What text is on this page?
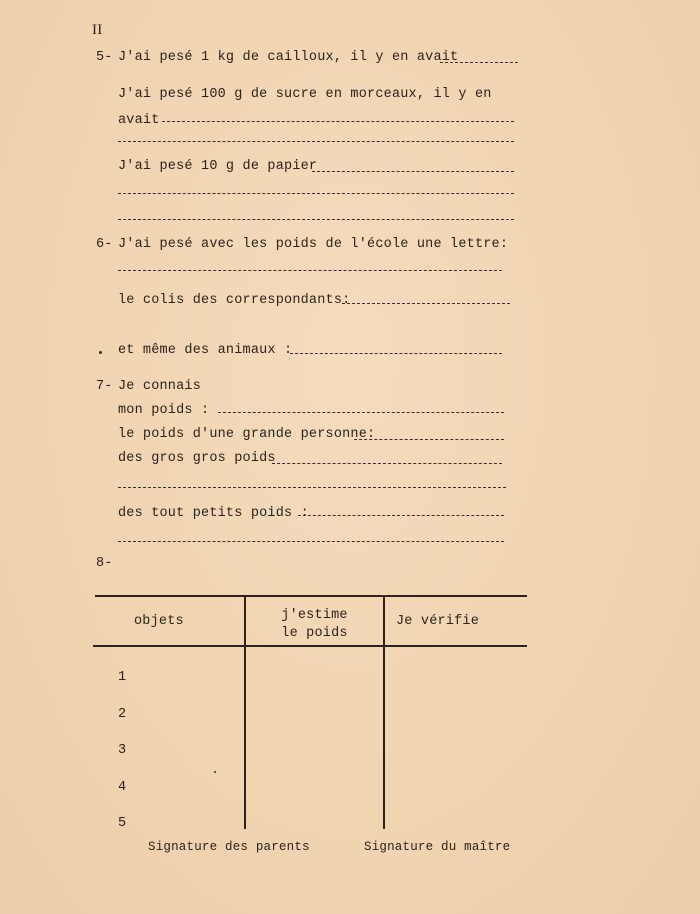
II
5- J'ai pesé 1 kg de cailloux, il y en avait
J'ai pesé 100 g de sucre en morceaux, il y en
avait
J'ai pesé 10 g de papier
6- J'ai pesé avec les poids de l'école une lettre:
le colis des correspondants:
et même des animaux :
7- Je connais
mon poids :
le poids d'une grande personne:
des gros gros poids
des tout petits poids :
8-
objets	j'estime
le poids
Je vérifie
1
2
3
4
5
Signature des parents	Signature du maître
